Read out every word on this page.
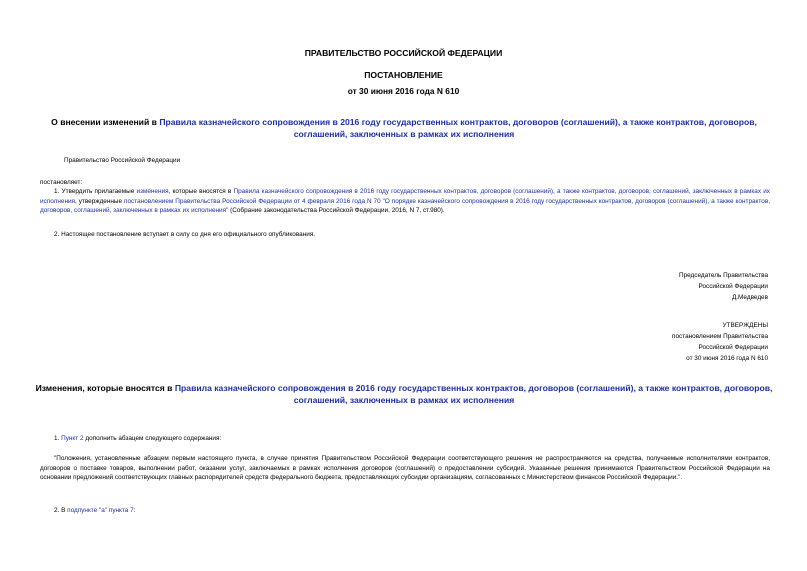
ПРАВИТЕЛЬСТВО РОССИЙСКОЙ ФЕДЕРАЦИИ
ПОСТАНОВЛЕНИЕ
от 30 июня 2016 года N 610
О внесении изменений в Правила казначейского сопровождения в 2016 году государственных контрактов, договоров (соглашений), а также контрактов, договоров, соглашений, заключенных в рамках их исполнения
Правительство Российской Федерации
постановляет:
1. Утвердить прилагаемые изменения, которые вносятся в Правила казначейского сопровождения в 2016 году государственных контрактов, договоров (соглашений), а также контрактов, договоров, соглашений, заключенных в рамках их исполнения, утвержденные постановлением Правительства Российской Федерации от 4 февраля 2016 года N 70 "О порядке казначейского сопровождения в 2016 году государственных контрактов, договоров (соглашений), а также контрактов, договоров, соглашений, заключенных в рамках их исполнения" (Собрание законодательства Российской Федерации, 2016, N 7, ст.980).
2. Настоящее постановление вступает в силу со дня его официального опубликования.
Председатель Правительства
Российской Федерации
Д.Медведев
УТВЕРЖДЕНЫ
постановлением Правительства
Российской Федерации
от 30 июня 2016 года N 610
Изменения, которые вносятся в Правила казначейского сопровождения в 2016 году государственных контрактов, договоров (соглашений), а также контрактов, договоров, соглашений, заключенных в рамках их исполнения
1. Пункт 2 дополнить абзацем следующего содержания:
"Положения, установленные абзацем первым настоящего пункта, в случае принятия Правительством Российской Федерации соответствующего решения не распространяются на средства, получаемые исполнителями контрактов, договоров о поставке товаров, выполнении работ, оказании услуг, заключаемых в рамках исполнения договоров (соглашений) о предоставлении субсидий. Указанные решения принимаются Правительством Российской Федерации на основании предложений соответствующих главных распорядителей средств федерального бюджета, предоставляющих субсидии организациям, согласованных с Министерством финансов Российской Федерации.".
2. В подпункте "а" пункта 7:
